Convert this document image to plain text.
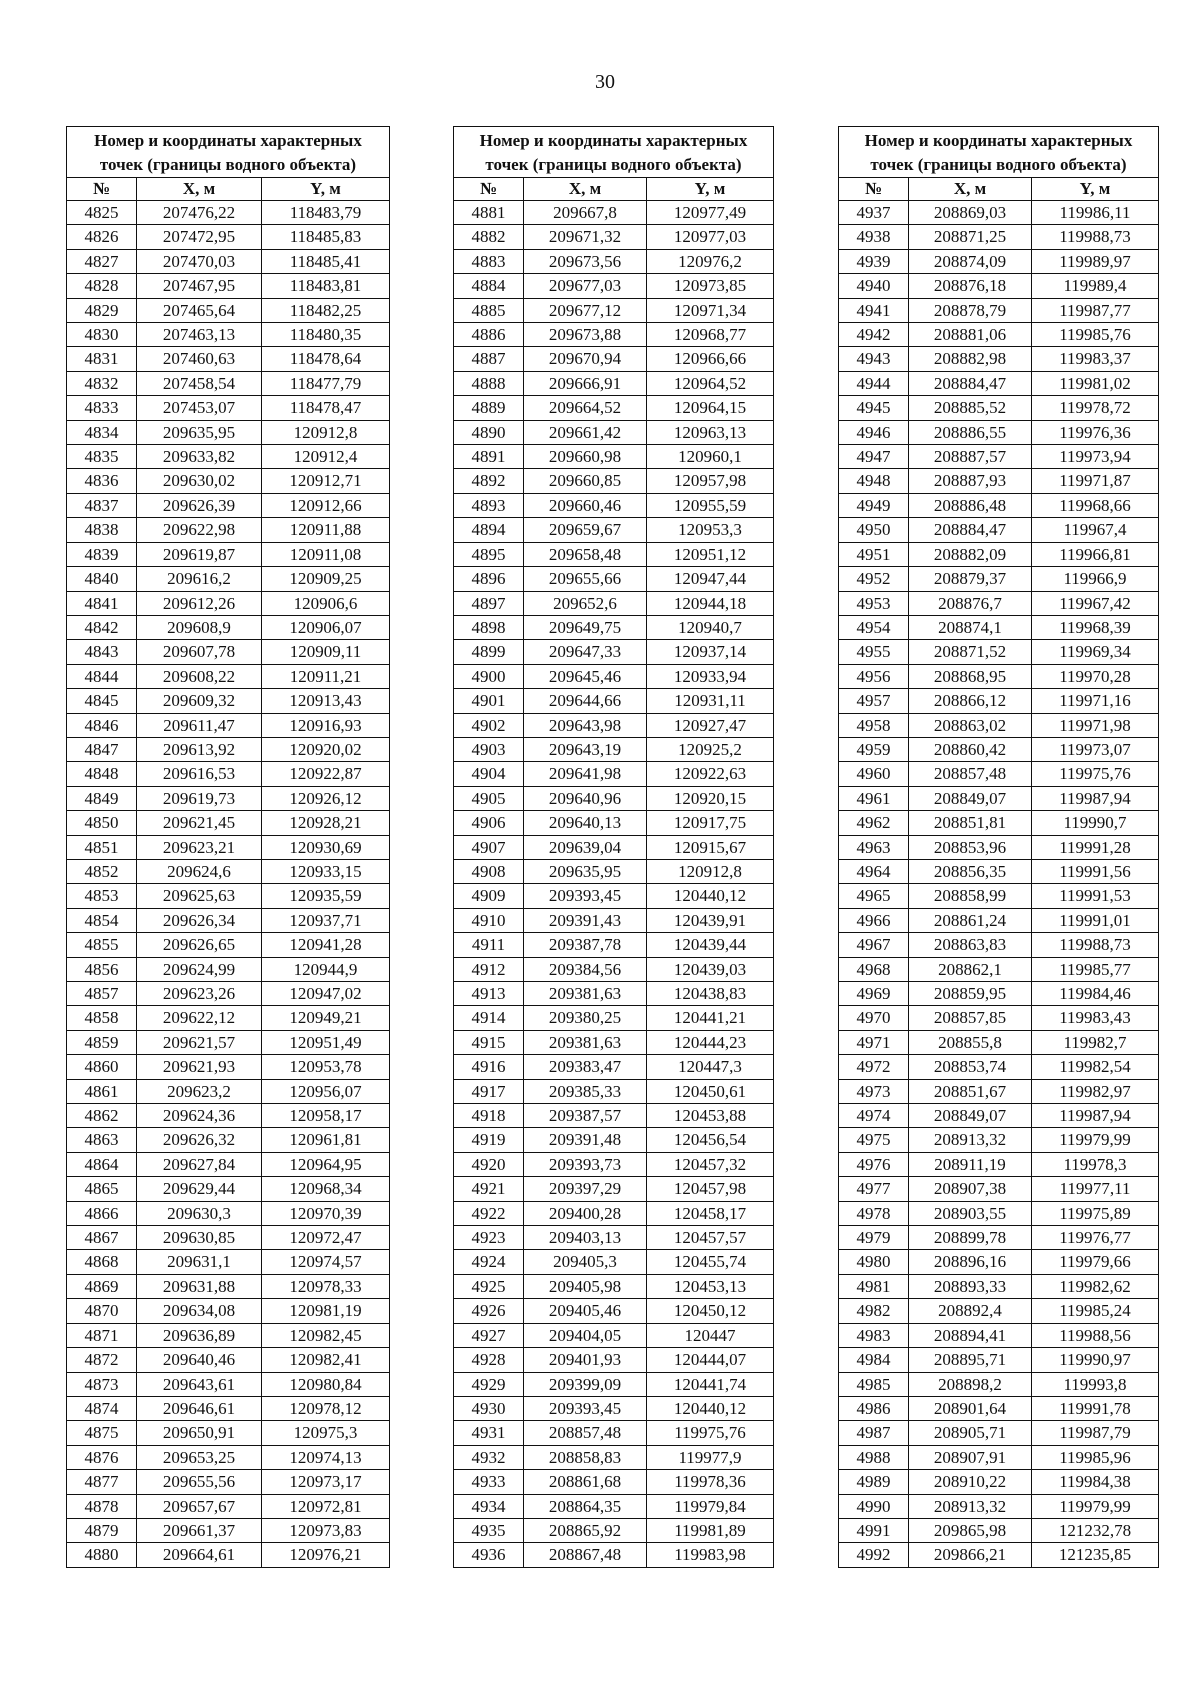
30
Номер и координаты характерных точек (границы водного объекта)		
№	X, м	Y, м
4825	207476,22	118483,79
4826	207472,95	118485,83
4827	207470,03	118485,41
4828	207467,95	118483,81
4829	207465,64	118482,25
4830	207463,13	118480,35
4831	207460,63	118478,64
4832	207458,54	118477,79
4833	207453,07	118478,47
4834	209635,95	120912,8
4835	209633,82	120912,4
4836	209630,02	120912,71
4837	209626,39	120912,66
4838	209622,98	120911,88
4839	209619,87	120911,08
4840	209616,2	120909,25
4841	209612,26	120906,6
4842	209608,9	120906,07
4843	209607,78	120909,11
4844	209608,22	120911,21
4845	209609,32	120913,43
4846	209611,47	120916,93
4847	209613,92	120920,02
4848	209616,53	120922,87
4849	209619,73	120926,12
4850	209621,45	120928,21
4851	209623,21	120930,69
4852	209624,6	120933,15
4853	209625,63	120935,59
4854	209626,34	120937,71
4855	209626,65	120941,28
4856	209624,99	120944,9
4857	209623,26	120947,02
4858	209622,12	120949,21
4859	209621,57	120951,49
4860	209621,93	120953,78
4861	209623,2	120956,07
4862	209624,36	120958,17
4863	209626,32	120961,81
4864	209627,84	120964,95
4865	209629,44	120968,34
4866	209630,3	120970,39
4867	209630,85	120972,47
4868	209631,1	120974,57
4869	209631,88	120978,33
4870	209634,08	120981,19
4871	209636,89	120982,45
4872	209640,46	120982,41
4873	209643,61	120980,84
4874	209646,61	120978,12
4875	209650,91	120975,3
4876	209653,25	120974,13
4877	209655,56	120973,17
4878	209657,67	120972,81
4879	209661,37	120973,83
4880	209664,61	120976,21
Номер и координаты характерных точек (границы водного объекта)		
№	X, м	Y, м
4881	209667,8	120977,49
4882	209671,32	120977,03
4883	209673,56	120976,2
4884	209677,03	120973,85
4885	209677,12	120971,34
4886	209673,88	120968,77
4887	209670,94	120966,66
4888	209666,91	120964,52
4889	209664,52	120964,15
4890	209661,42	120963,13
4891	209660,98	120960,1
4892	209660,85	120957,98
4893	209660,46	120955,59
4894	209659,67	120953,3
4895	209658,48	120951,12
4896	209655,66	120947,44
4897	209652,6	120944,18
4898	209649,75	120940,7
4899	209647,33	120937,14
4900	209645,46	120933,94
4901	209644,66	120931,11
4902	209643,98	120927,47
4903	209643,19	120925,2
4904	209641,98	120922,63
4905	209640,96	120920,15
4906	209640,13	120917,75
4907	209639,04	120915,67
4908	209635,95	120912,8
4909	209393,45	120440,12
4910	209391,43	120439,91
4911	209387,78	120439,44
4912	209384,56	120439,03
4913	209381,63	120438,83
4914	209380,25	120441,21
4915	209381,63	120444,23
4916	209383,47	120447,3
4917	209385,33	120450,61
4918	209387,57	120453,88
4919	209391,48	120456,54
4920	209393,73	120457,32
4921	209397,29	120457,98
4922	209400,28	120458,17
4923	209403,13	120457,57
4924	209405,3	120455,74
4925	209405,98	120453,13
4926	209405,46	120450,12
4927	209404,05	120447
4928	209401,93	120444,07
4929	209399,09	120441,74
4930	209393,45	120440,12
4931	208857,48	119975,76
4932	208858,83	119977,9
4933	208861,68	119978,36
4934	208864,35	119979,84
4935	208865,92	119981,89
4936	208867,48	119983,98
Номер и координаты характерных точек (границы водного объекта)		
№	X, м	Y, м
4937	208869,03	119986,11
4938	208871,25	119988,73
4939	208874,09	119989,97
4940	208876,18	119989,4
4941	208878,79	119987,77
4942	208881,06	119985,76
4943	208882,98	119983,37
4944	208884,47	119981,02
4945	208885,52	119978,72
4946	208886,55	119976,36
4947	208887,57	119973,94
4948	208887,93	119971,87
4949	208886,48	119968,66
4950	208884,47	119967,4
4951	208882,09	119966,81
4952	208879,37	119966,9
4953	208876,7	119967,42
4954	208874,1	119968,39
4955	208871,52	119969,34
4956	208868,95	119970,28
4957	208866,12	119971,16
4958	208863,02	119971,98
4959	208860,42	119973,07
4960	208857,48	119975,76
4961	208849,07	119987,94
4962	208851,81	119990,7
4963	208853,96	119991,28
4964	208856,35	119991,56
4965	208858,99	119991,53
4966	208861,24	119991,01
4967	208863,83	119988,73
4968	208862,1	119985,77
4969	208859,95	119984,46
4970	208857,85	119983,43
4971	208855,8	119982,7
4972	208853,74	119982,54
4973	208851,67	119982,97
4974	208849,07	119987,94
4975	208913,32	119979,99
4976	208911,19	119978,3
4977	208907,38	119977,11
4978	208903,55	119975,89
4979	208899,78	119976,77
4980	208896,16	119979,66
4981	208893,33	119982,62
4982	208892,4	119985,24
4983	208894,41	119988,56
4984	208895,71	119990,97
4985	208898,2	119993,8
4986	208901,64	119991,78
4987	208905,71	119987,79
4988	208907,91	119985,96
4989	208910,22	119984,38
4990	208913,32	119979,99
4991	209865,98	121232,78
4992	209866,21	121235,85
